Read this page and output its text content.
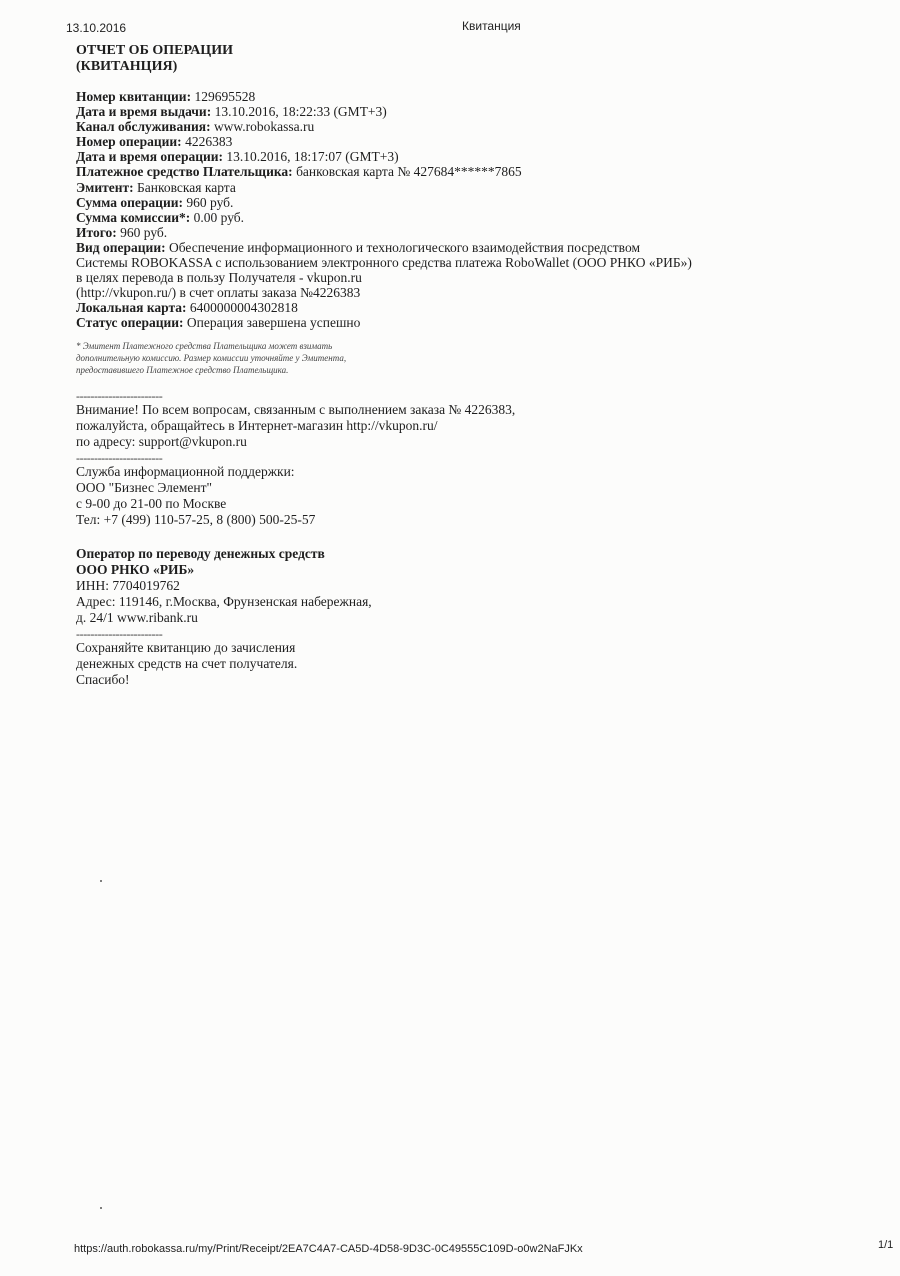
13.10.2016	Квитанция
ОТЧЕТ ОБ ОПЕРАЦИИ
(КВИТАНЦИЯ)
Номер квитанции: 129695528
Дата и время выдачи: 13.10.2016, 18:22:33 (GMT+3)
Канал обслуживания: www.robokassa.ru
Номер операции: 4226383
Дата и время операции: 13.10.2016, 18:17:07 (GMT+3)
Платежное средство Плательщика: банковская карта № 427684******7865
Эмитент: Банковская карта
Сумма операции: 960 руб.
Сумма комиссии*: 0.00 руб.
Итого: 960 руб.
Вид операции: Обеспечение информационного и технологического взаимодействия посредством
Системы ROBOKASSA с использованием электронного средства платежа RoboWallet (ООО РНКО «РИБ»)
в целях перевода в пользу Получателя - vkupon.ru
(http://vkupon.ru/) в счет оплаты заказа №4226383
Локальная карта: 6400000004302818
Статус операции: Операция завершена успешно
* Эмитент Платежного средства Плательщика может взимать
дополнительную комиссию. Размер комиссии уточняйте у Эмитента,
предоставившего Платежное средство Плательщика.
------------------------
Внимание! По всем вопросам, связанным с выполнением заказа № 4226383,
пожалуйста, обращайтесь в Интернет-магазин http://vkupon.ru/
по адресу: support@vkupon.ru
------------------------
Служба информационной поддержки:
ООО "Бизнес Элемент"
с 9-00 до 21-00 по Москве
Тел: +7 (499) 110-57-25, 8 (800) 500-25-57
Оператор по переводу денежных средств
ООО РНКО «РИБ»
ИНН: 7704019762
Адрес: 119146, г.Москва, Фрунзенская набережная,
д. 24/1 www.ribank.ru
------------------------
Сохраняйте квитанцию до зачисления
денежных средств на счет получателя.
Спасибо!
https://auth.robokassa.ru/my/Print/Receipt/2EA7C4A7-CA5D-4D58-9D3C-0C49555C109D-o0w2NaFJKx	1/1
